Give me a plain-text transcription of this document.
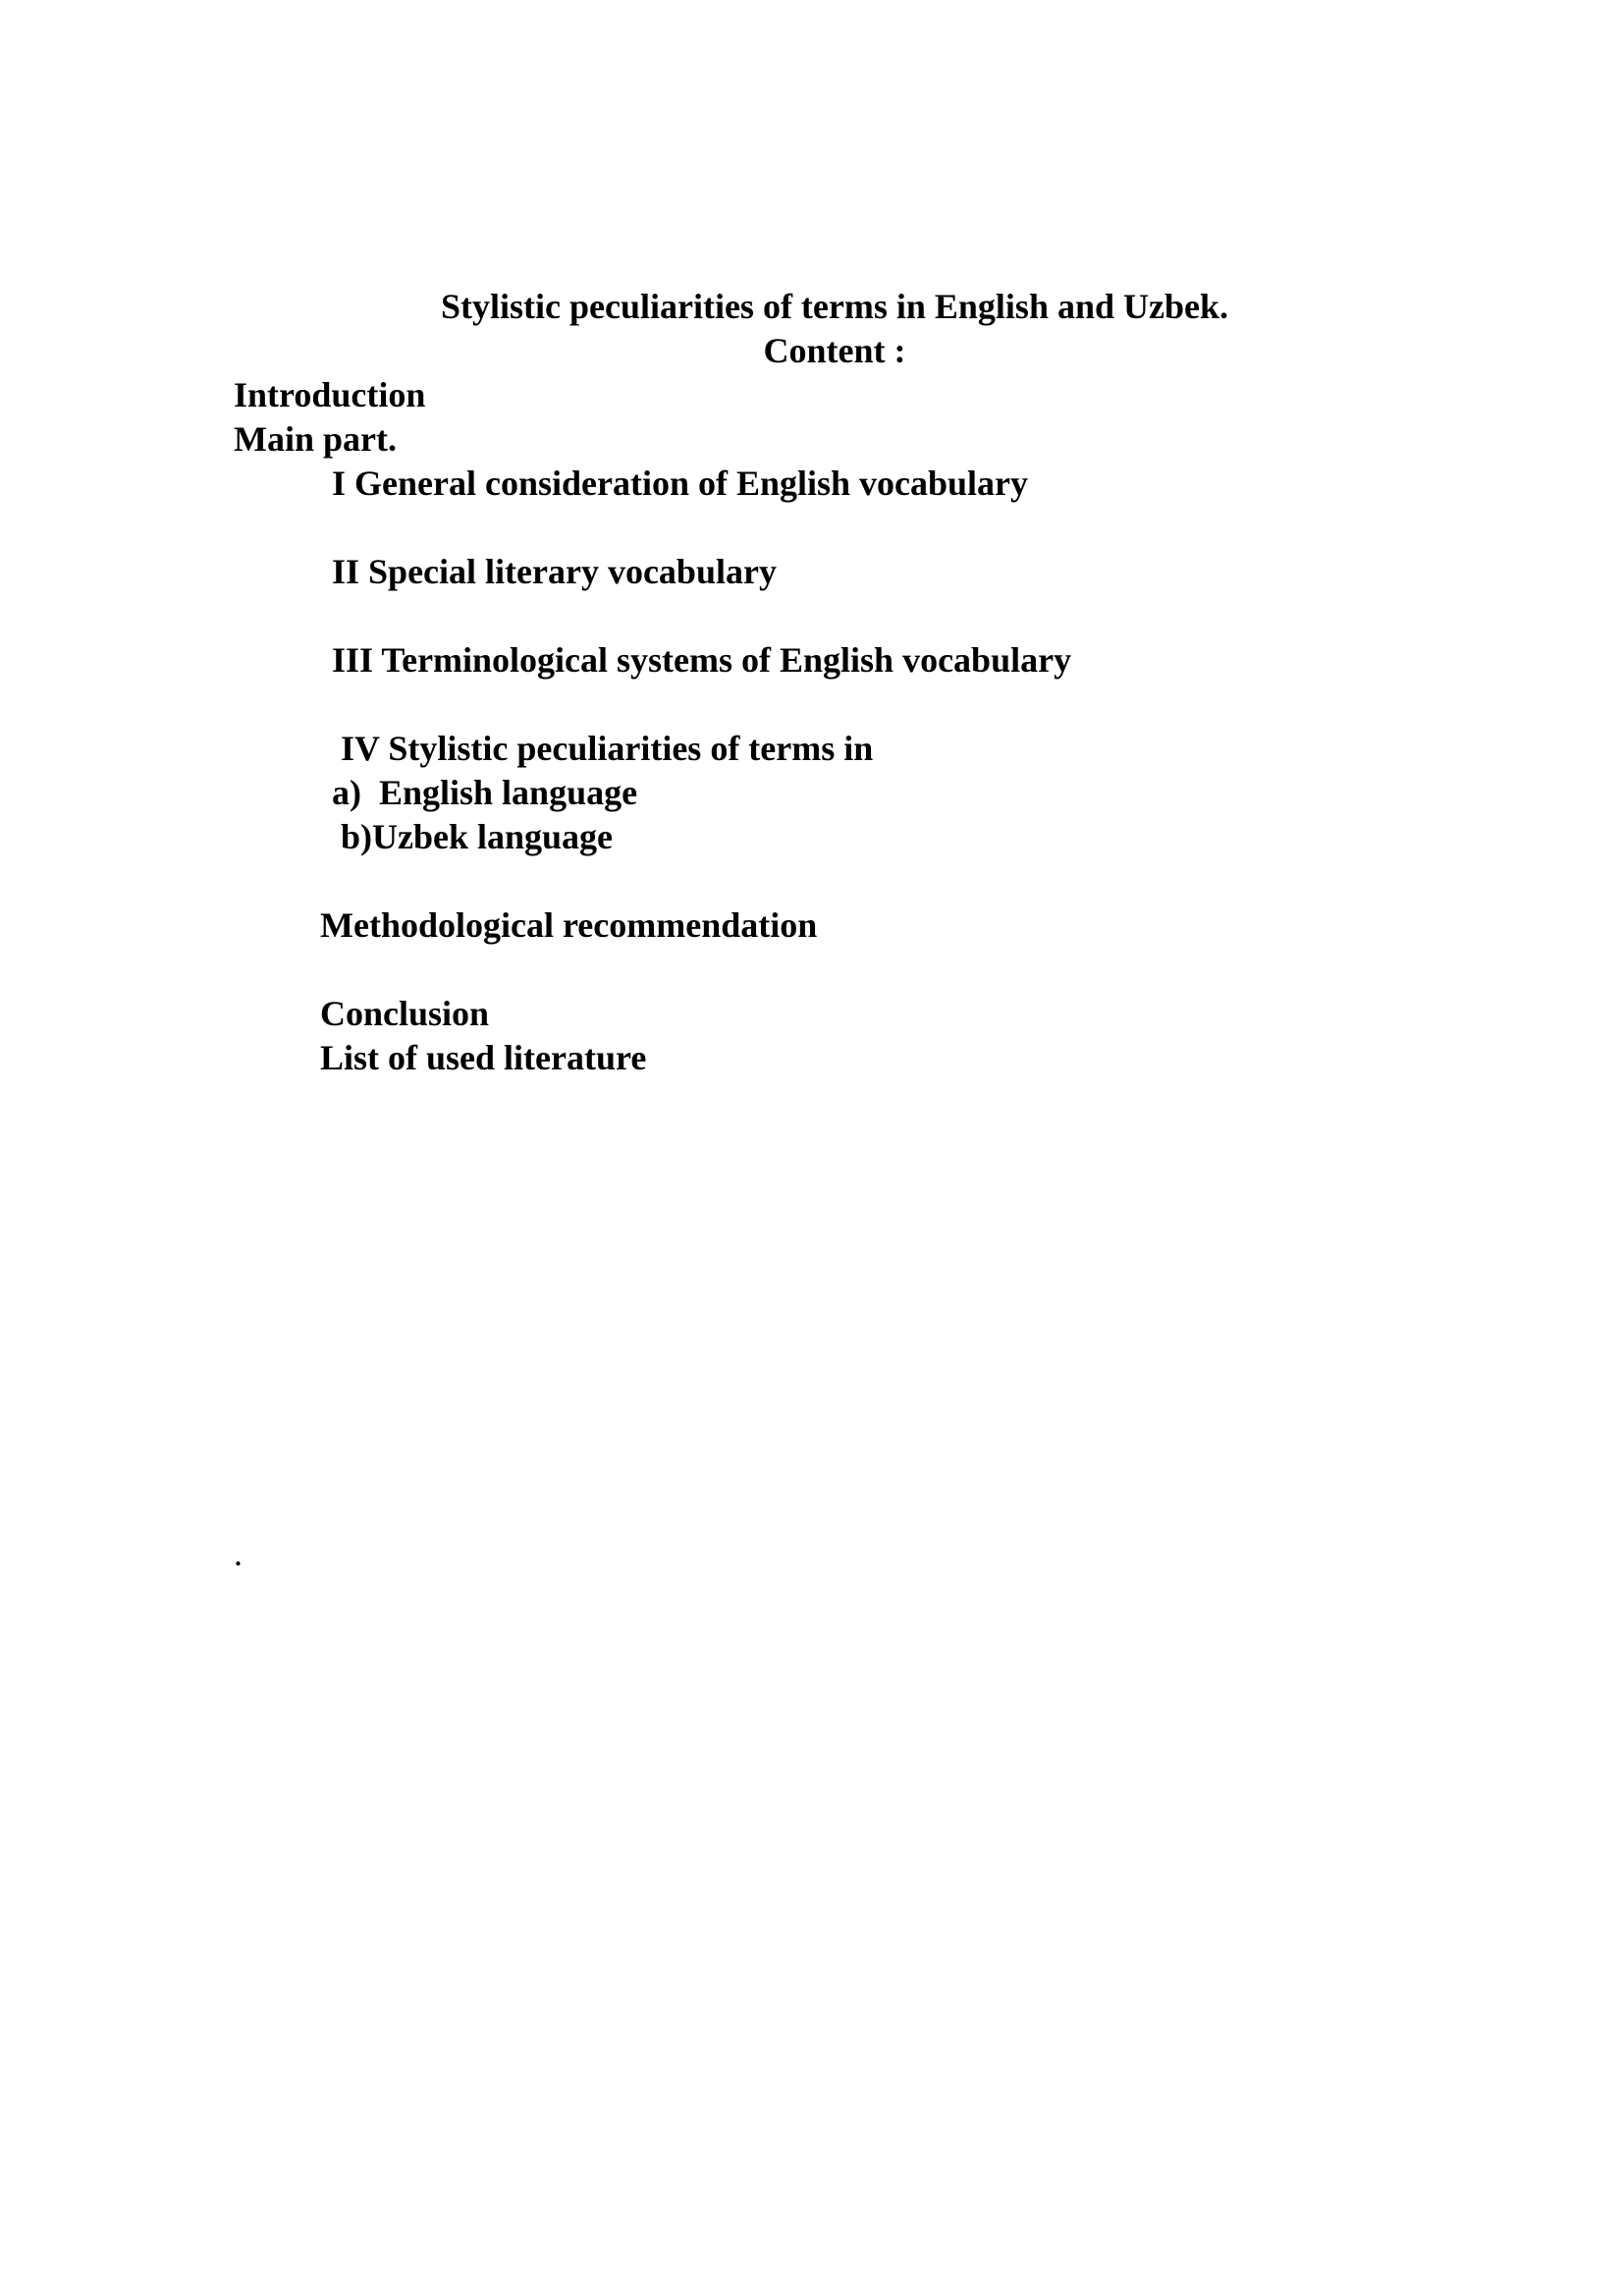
Stylistic peculiarities of terms in English and Uzbek.
Content :
Introduction
Main part.
I General consideration of English vocabulary
II Special literary vocabulary
III Terminological systems of English vocabulary
IV Stylistic peculiarities of terms in
a)  English language
b)Uzbek language
Methodological recommendation
Conclusion
List of used literature
.
